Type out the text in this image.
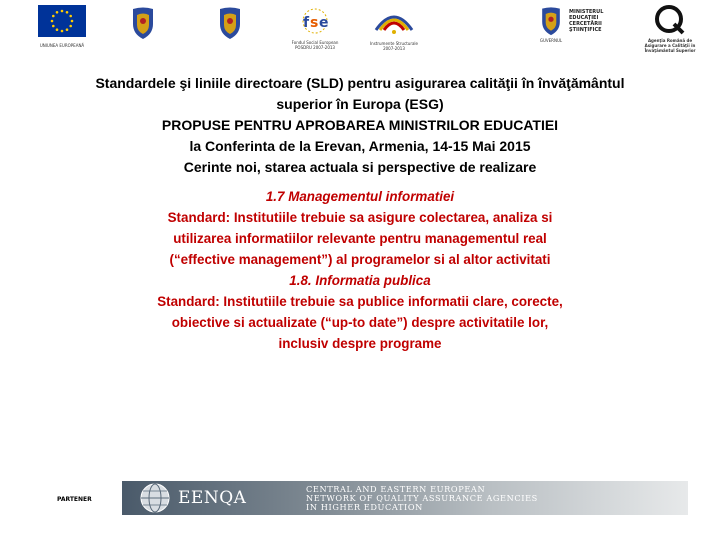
UNIUNEA EUROPEANĂ
f s e
Fondul Social European
POSDRU 2007-2013
Instrumente Structurale
2007-2013
GUVERNUL
MINISTERUL
EDUCAŢIEI
CERCETĂRII
ŞTIINŢIFICE
Agenţia Română de
Asigurare a Calităţii în
Învăţământul Superior
Standardele şi liniile directoare (SLD) pentru asigurarea calităţii în învăţământul
superior în Europa (ESG)
PROPUSE PENTRU APROBAREA MINISTRILOR EDUCATIEI
la Conferinta de la Erevan, Armenia, 14-15 Mai 2015
Cerinte noi, starea actuala si perspective de realizare
1.7 Managementul informatiei
Standard: Institutiile trebuie sa asigure colectarea, analiza si
utilizarea informatiilor relevante pentru managementul real
(“effective management”) al programelor si al altor activitati
1.8. Informatia publica
Standard: Institutiile trebuie sa publice informatii clare, corecte,
obiective si actualizate (“up-to date”) despre activitatile lor,
inclusiv despre programe
PARTENER	EENQA	CENTRAL AND EASTERN EUROPEAN
NETWORK OF QUALITY ASSURANCE AGENCIES
IN HIGHER EDUCATION
